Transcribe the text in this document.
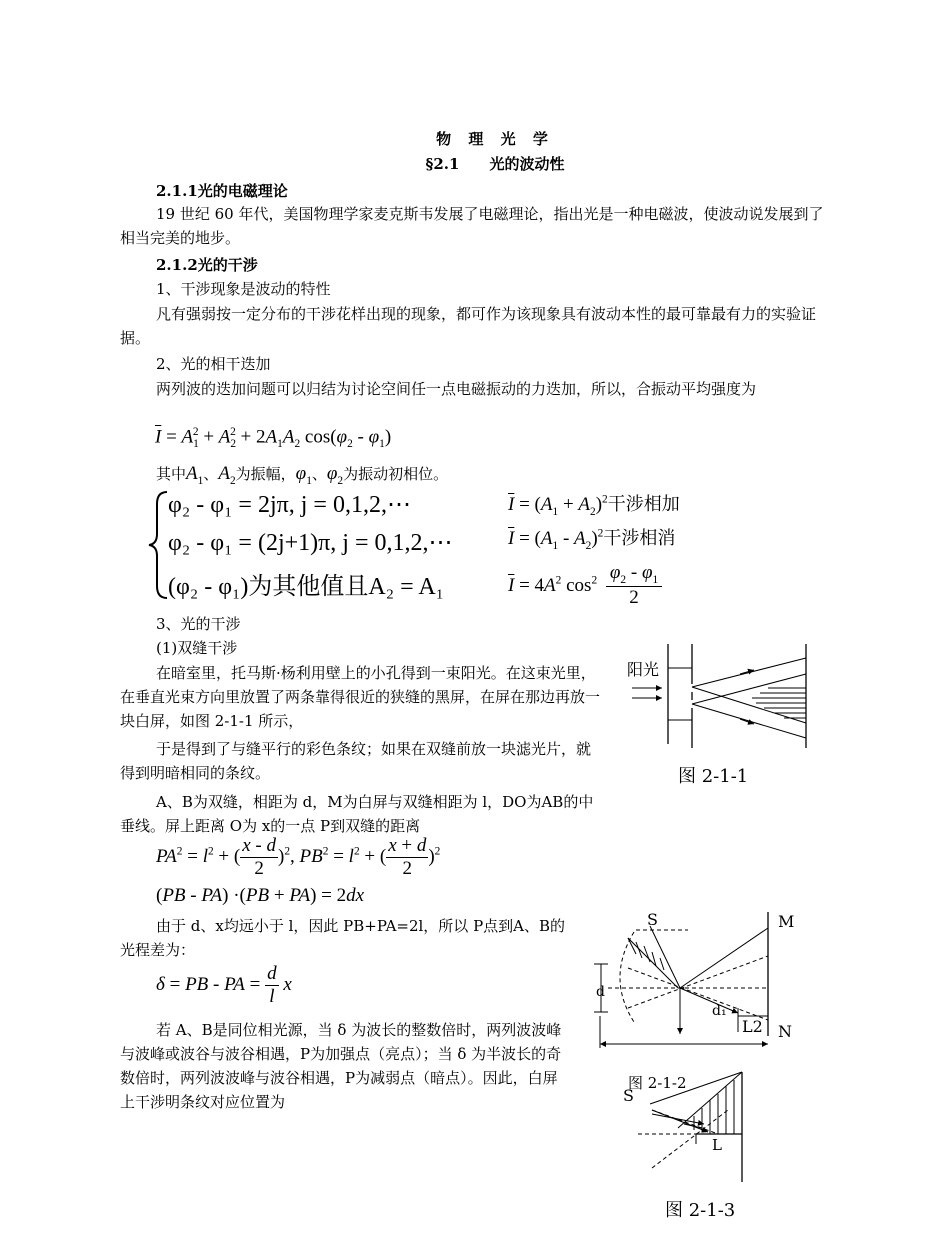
物 理 光 学
§2.1　　光的波动性
2.1.1光的电磁理论
19 世纪 60 年代，美国物理学家麦克斯韦发展了电磁理论，指出光是一种电磁波，使波动说发展到了相当完美的地步。
2.1.2光的干涉
1、干涉现象是波动的特性
凡有强弱按一定分布的干涉花样出现的现象，都可作为该现象具有波动本性的最可靠最有力的实验证据。
2、光的相干迭加
两列波的迭加问题可以归结为讨论空间任一点电磁振动的力迭加，所以，合振动平均强度为
$\overline{I} = A_1^2 + A_2^2 + 2A_1A_2$ $\cos(\varphi_2 - \varphi_1)$
其中$A_1$、$A_2$为振幅，$\varphi_1$、$\varphi_2$为振动初相位。
φ₂ - φ₁ = 2jπ, j = 0,1,2,⋯
φ₂ - φ₁ = (2j+1)π, j = 0,1,2,⋯
(φ₂ - φ₁)为其他值且A₂ = A₁
$\overline{I} = (A_1 + A_2)^2$干涉相加
$\overline{I} = (A_1 - A_2)^2$干涉相消
$\overline{I} = 4A^2$ $\cos^2 \frac{\varphi_2 - \varphi_1}{2}$
3、光的干涉
(1)双缝干涉
在暗室里，托马斯·杨利用壁上的小孔得到一束阳光。在这束光里，在垂直光束方向里放置了两条靠得很近的狭缝的黑屏，在屏在那边再放一块白屏，如图 2-1-1 所示，
于是得到了与缝平行的彩色条纹；如果在双缝前放一块滤光片，就得到明暗相同的条纹。
A、B为双缝，相距为 d，M为白屏与双缝相距为 l，DO为AB的中垂线。屏上距离 O为 x的一点 P到双缝的距离
$PA^2 = l^2$ + ( $\frac{x - d}{2} )^2$, $PB^2 = l^2$ + ( $\frac{x + d}{2} )^2$
(PB - PA) ·(PB + PA) = 2dx
由于 d、x均远小于 l，因此 PB+PA=2l，所以 P点到A、B的光程差为：
δ = PB - PA = $\frac{d}{l}$ x
若 A、B是同位相光源，当 δ 为波长的整数倍时，两列波波峰与波峰或波谷与波谷相遇，P为加强点（亮点）；当 δ 为半波长的奇数倍时，两列波波峰与波谷相遇，P为减弱点（暗点）。因此，白屏上干涉明条纹对应位置为
阳光
图 2-1-1
S	M
N
d
d₁
L2
图 2-1-2
S
L
图 2-1-3
